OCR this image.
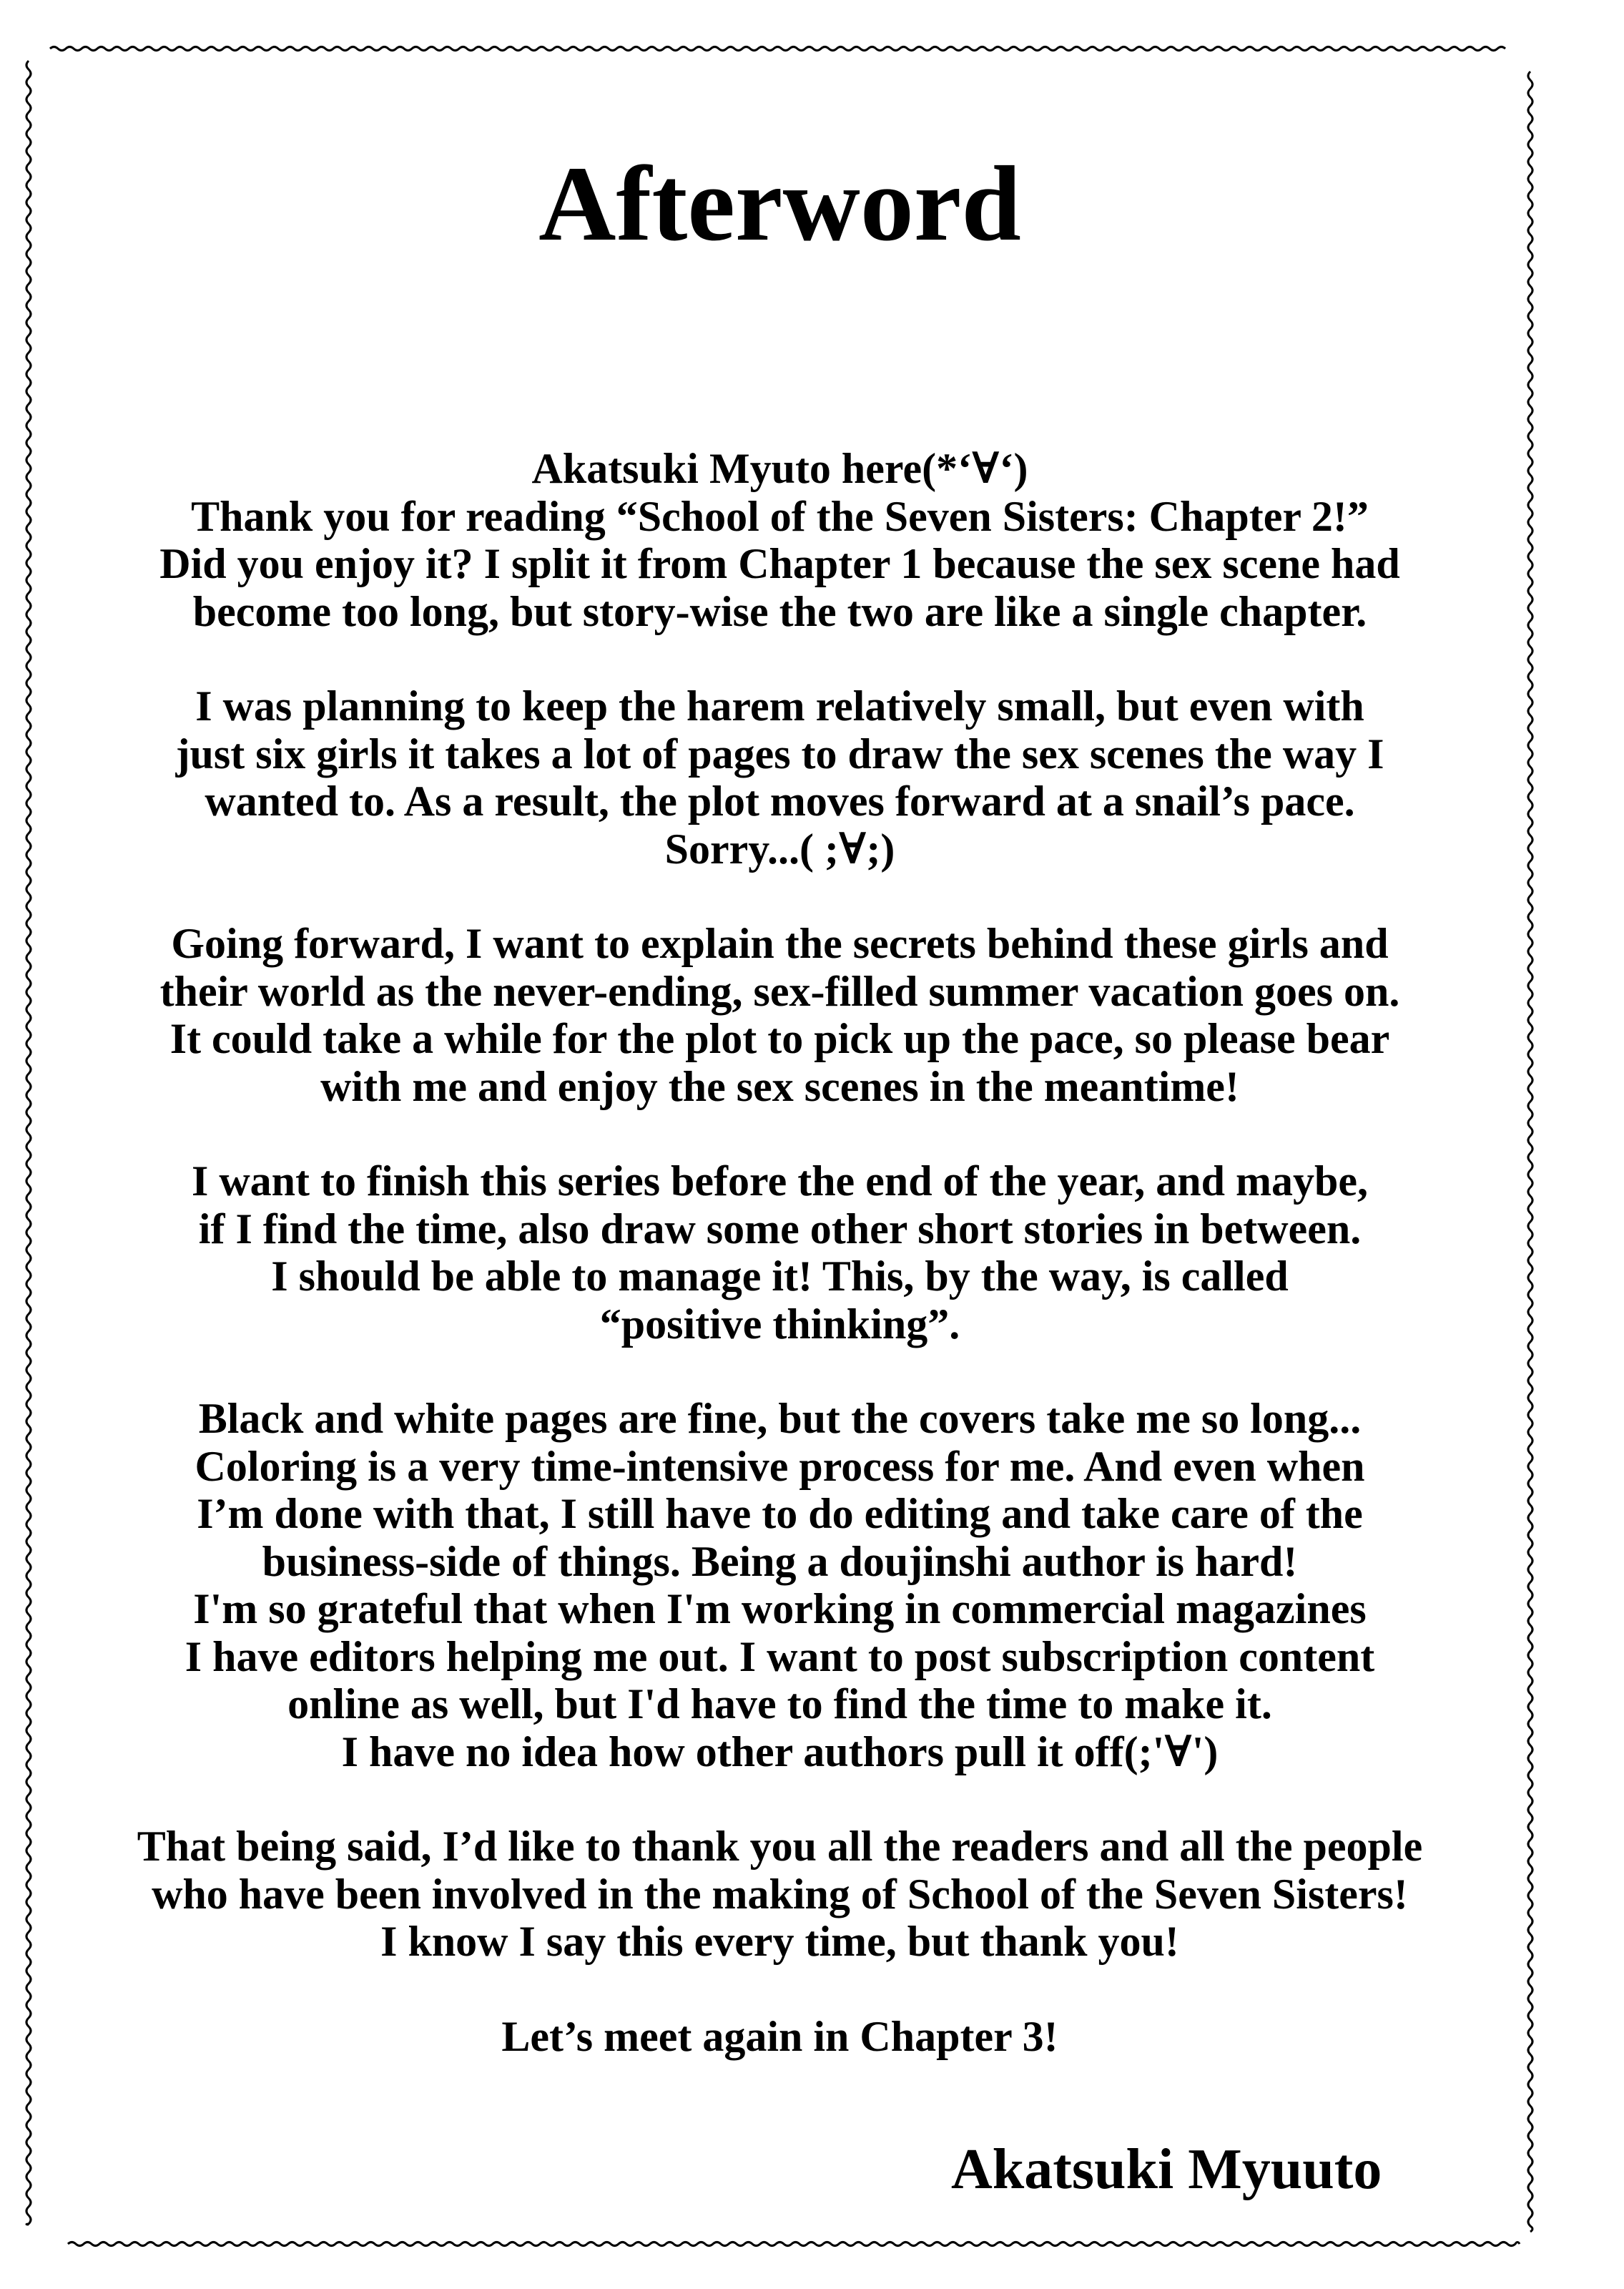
Afterword

Akatsuki Myuto here(*‘∀‘)
Thank you for reading “School of the Seven Sisters: Chapter 2!”
Did you enjoy it? I split it from Chapter 1 because the sex scene had
become too long, but story-wise the two are like a single chapter.

I was planning to keep the harem relatively small, but even with
just six girls it takes a lot of pages to draw the sex scenes the way I
wanted to. As a result, the plot moves forward at a snail’s pace.
Sorry...( ;∀;)

Going forward, I want to explain the secrets behind these girls and
their world as the never-ending, sex-filled summer vacation goes on.
It could take a while for the plot to pick up the pace, so please bear
with me and enjoy the sex scenes in the meantime!

I want to finish this series before the end of the year, and maybe,
if I find the time, also draw some other short stories in between.
I should be able to manage it! This, by the way, is called
“positive thinking”.

Black and white pages are fine, but the covers take me so long...
Coloring is a very time-intensive process for me. And even when
I’m done with that, I still have to do editing and take care of the
business-side of things. Being a doujinshi author is hard!
I'm so grateful that when I'm working in commercial magazines
I have editors helping me out. I want to post subscription content
online as well, but I'd have to find the time to make it.
I have no idea how other authors pull it off(;'∀')

That being said, I’d like to thank you all the readers and all the people
who have been involved in the making of School of the Seven Sisters!
I know I say this every time, but thank you!

Let’s meet again in Chapter 3!

Akatsuki Myuuto
